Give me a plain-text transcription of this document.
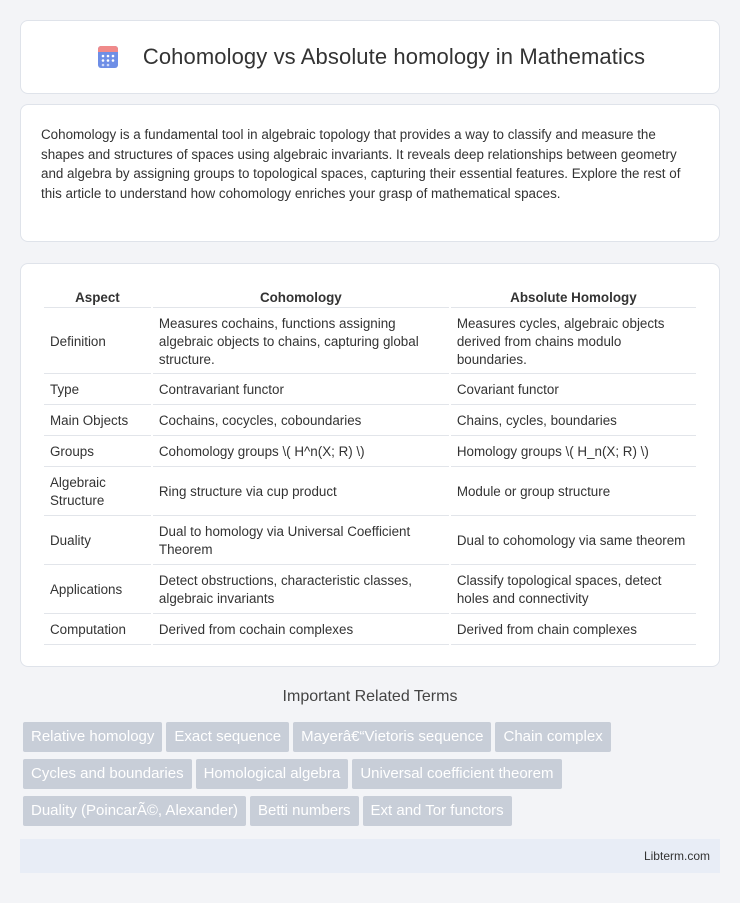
Cohomology vs Absolute homology in Mathematics

Cohomology is a fundamental tool in algebraic topology that provides a way to classify and measure the shapes and structures of spaces using algebraic invariants. It reveals deep relationships between geometry and algebra by assigning groups to topological spaces, capturing their essential features. Explore the rest of this article to understand how cohomology enriches your grasp of mathematical spaces.

Aspect	Cohomology	Absolute Homology
Definition	Measures cochains, functions assigning algebraic objects to chains, capturing global structure.	Measures cycles, algebraic objects derived from chains modulo boundaries.
Type	Contravariant functor	Covariant functor
Main Objects	Cochains, cocycles, coboundaries	Chains, cycles, boundaries
Groups	Cohomology groups \( H^n(X; R) \)	Homology groups \( H_n(X; R) \)
Algebraic Structure	Ring structure via cup product	Module or group structure
Duality	Dual to homology via Universal Coefficient Theorem	Dual to cohomology via same theorem
Applications	Detect obstructions, characteristic classes, algebraic invariants	Classify topological spaces, detect holes and connectivity
Computation	Derived from cochain complexes	Derived from chain complexes
Important Related Terms
Relative homology Exact sequence Mayerâ€“Vietoris sequence Chain complex
Cycles and boundaries Homological algebra Universal coefficient theorem
Duality (PoincarÃ©, Alexander) Betti numbers Ext and Tor functors
Libterm.com
